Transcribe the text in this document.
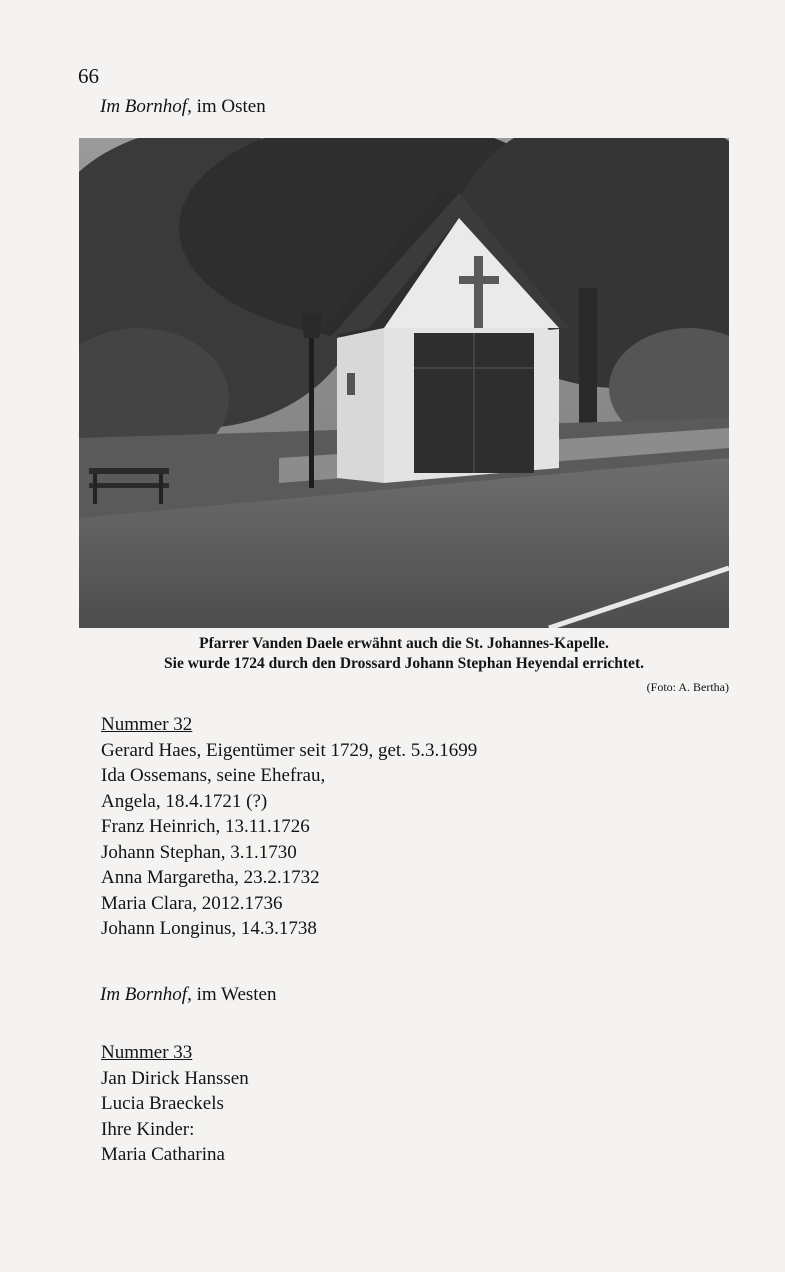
66
Im Bornhof, im Osten
Pfarrer Vanden Daele erwähnt auch die St. Johannes-Kapelle.
Sie wurde 1724 durch den Drossard Johann Stephan Heyendal errichtet.
(Foto: A. Bertha)
Nummer 32
Gerard Haes, Eigentümer seit 1729, get. 5.3.1699
Ida Ossemans, seine Ehefrau,
Angela, 18.4.1721 (?)
Franz Heinrich, 13.11.1726
Johann Stephan, 3.1.1730
Anna Margaretha, 23.2.1732
Maria Clara, 2012.1736
Johann Longinus, 14.3.1738
Im Bornhof, im Westen
Nummer 33
Jan Dirick Hanssen
Lucia Braeckels
Ihre Kinder:
Maria Catharina
